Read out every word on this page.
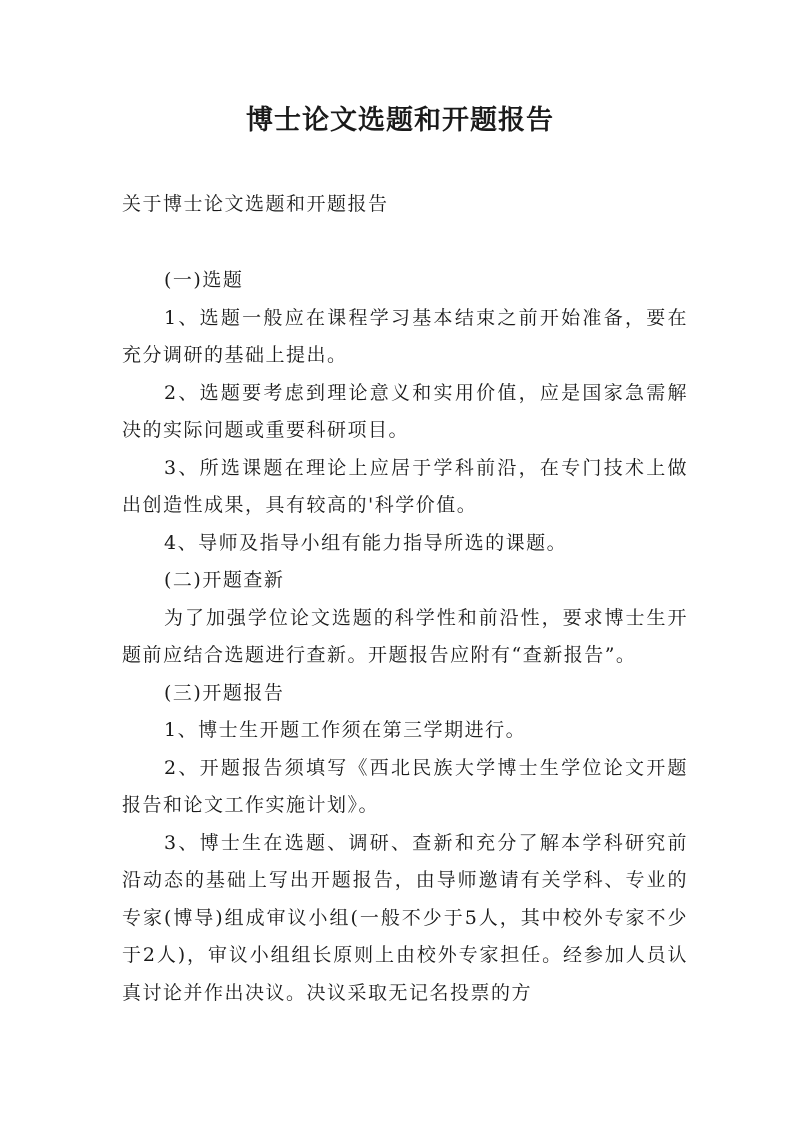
博士论文选题和开题报告

关于博士论文选题和开题报告

(一)选题

1、选题一般应在课程学习基本结束之前开始准备，要在充分调研的基础上提出。

2、选题要考虑到理论意义和实用价值，应是国家急需解决的实际问题或重要科研项目。

3、所选课题在理论上应居于学科前沿，在专门技术上做出创造性成果，具有较高的'科学价值。

4、导师及指导小组有能力指导所选的课题。

(二)开题查新

为了加强学位论文选题的科学性和前沿性，要求博士生开题前应结合选题进行查新。开题报告应附有“查新报告”。

(三)开题报告

1、博士生开题工作须在第三学期进行。

2、开题报告须填写《西北民族大学博士生学位论文开题报告和论文工作实施计划》。

3、博士生在选题、调研、查新和充分了解本学科研究前沿动态的基础上写出开题报告，由导师邀请有关学科、专业的专家(博导)组成审议小组(一般不少于5人，其中校外专家不少于2人)，审议小组组长原则上由校外专家担任。经参加人员认真讨论并作出决议。决议采取无记名投票的方
